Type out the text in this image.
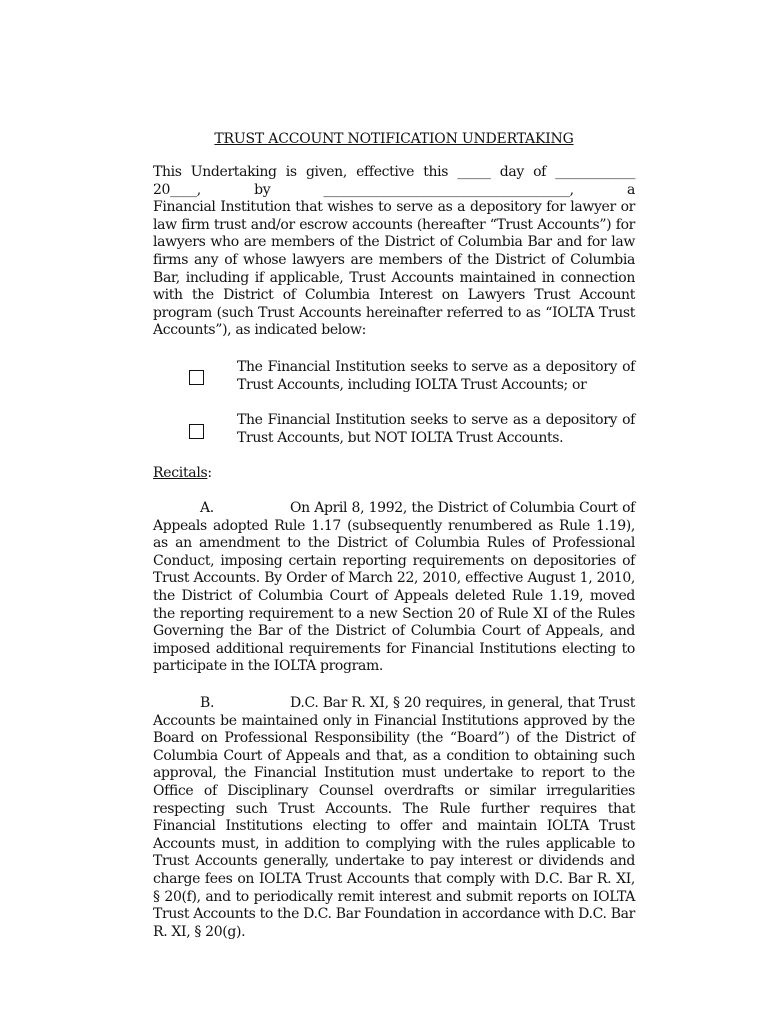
TRUST ACCOUNT NOTIFICATION UNDERTAKING
This Undertaking is given, effective this _____ day of ____________
20____, by _____________________________________, a
Financial Institution that wishes to serve as a depository for lawyer or law firm trust and/or escrow accounts (hereafter “Trust Accounts”) for lawyers who are members of the District of Columbia Bar and for law firms any of whose lawyers are members of the District of Columbia Bar, including if applicable, Trust Accounts maintained in connection with the District of Columbia Interest on Lawyers Trust Account program (such Trust Accounts hereinafter referred to as “IOLTA Trust Accounts”), as indicated below:
The Financial Institution seeks to serve as a depository of Trust Accounts, including IOLTA Trust Accounts; or
The Financial Institution seeks to serve as a depository of Trust Accounts, but NOT IOLTA Trust Accounts.
Recitals:
A.	On April 8, 1992, the District of Columbia Court of Appeals adopted Rule 1.17 (subsequently renumbered as Rule 1.19), as an amendment to the District of Columbia Rules of Professional Conduct, imposing certain reporting requirements on depositories of Trust Accounts. By Order of March 22, 2010, effective August 1, 2010, the District of Columbia Court of Appeals deleted Rule 1.19, moved the reporting requirement to a new Section 20 of Rule XI of the Rules Governing the Bar of the District of Columbia Court of Appeals, and imposed additional requirements for Financial Institutions electing to participate in the IOLTA program.
B.	D.C. Bar R. XI, § 20 requires, in general, that Trust Accounts be maintained only in Financial Institutions approved by the Board on Professional Responsibility (the “Board”) of the District of Columbia Court of Appeals and that, as a condition to obtaining such approval, the Financial Institution must undertake to report to the Office of Disciplinary Counsel overdrafts or similar irregularities respecting such Trust Accounts. The Rule further requires that Financial Institutions electing to offer and maintain IOLTA Trust Accounts must, in addition to complying with the rules applicable to Trust Accounts generally, undertake to pay interest or dividends and charge fees on IOLTA Trust Accounts that comply with D.C. Bar R. XI, § 20(f), and to periodically remit interest and submit reports on IOLTA Trust Accounts to the D.C. Bar Foundation in accordance with D.C. Bar R. XI, § 20(g).
